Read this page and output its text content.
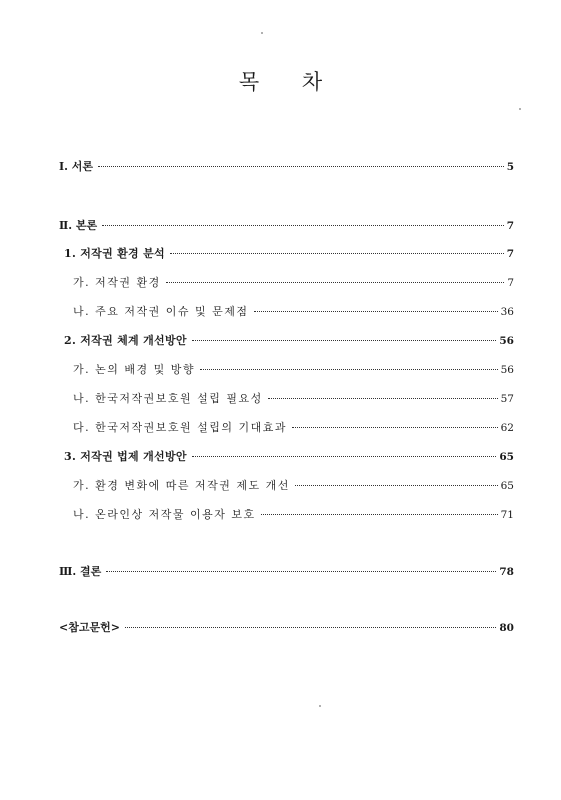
목 차
Ⅰ. 서론	5
Ⅱ. 본론	7
1. 저작권 환경 분석	7
가. 저작권 환경	7
나. 주요 저작권 이슈 및 문제점	36
2. 저작권 체계 개선방안	56
가. 논의 배경 및 방향	56
나. 한국저작권보호원 설립 필요성	57
다. 한국저작권보호원 설립의 기대효과	62
3. 저작권 법제 개선방안	65
가. 환경 변화에 따른 저작권 제도 개선	65
나. 온라인상 저작물 이용자 보호	71
Ⅲ. 결론	78
<참고문헌>	80
